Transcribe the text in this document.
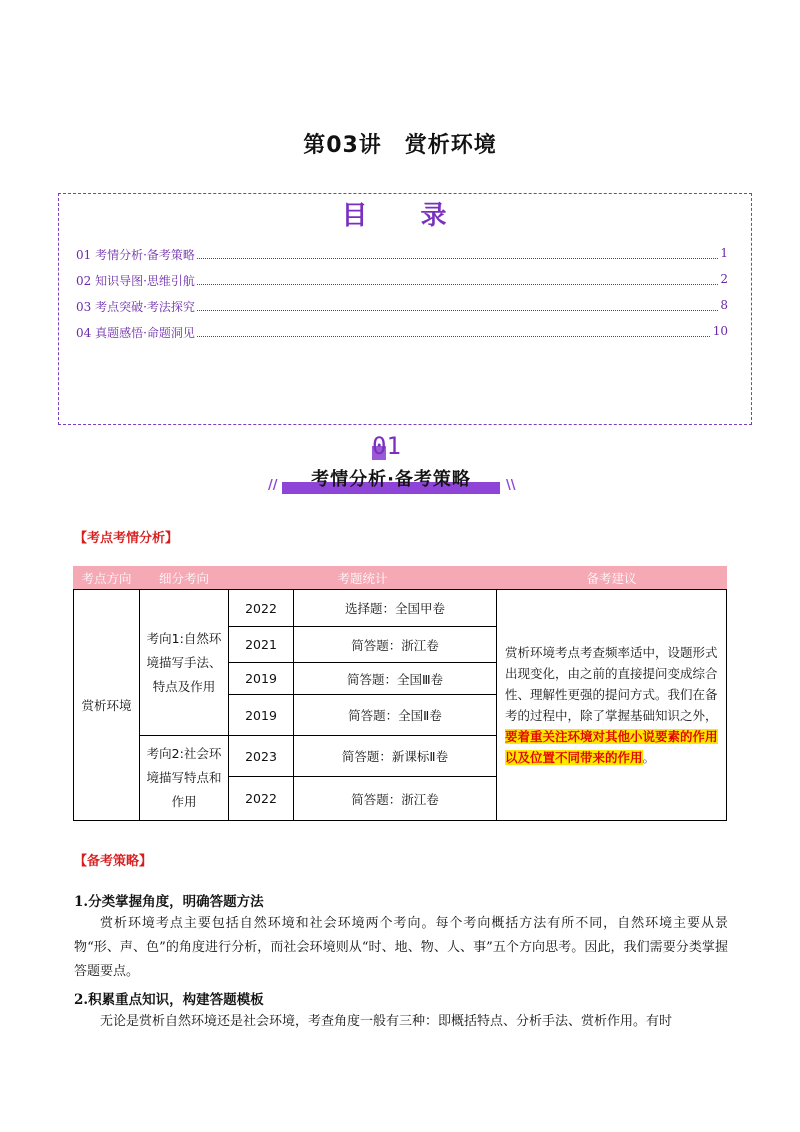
第03讲　赏析环境
目 录
01 考情分析·备考策略	1
02 知识导图·思维引航	2
03 考点突破·考法探究	8
04 真题感悟·命题洞见	10
01
考情分析·备考策略
//	\\
【考点考情分析】
考点方向	细分考向	考题统计		备考建议
赏析环境	考向1:自然环境描写手法、特点及作用	2022	选择题：全国甲卷	赏析环境考点考查频率适中，设题形式出现变化，由之前的直接提问变成综合性、理解性更强的提问方式。我们在备考的过程中，除了掌握基础知识之外，要着重关注环境对其他小说要素的作用以及位置不同带来的作用。
		2021	简答题：浙江卷	
		2019	简答题：全国Ⅲ卷	
		2019	简答题：全国Ⅱ卷	
	考向2:社会环境描写特点和作用	2023	简答题：新课标Ⅱ卷	
		2022	简答题：浙江卷	
【备考策略】
1.分类掌握角度，明确答题方法
赏析环境考点主要包括自然环境和社会环境两个考向。每个考向概括方法有所不同，自然环境主要从景物“形、声、色”的角度进行分析，而社会环境则从“时、地、物、人、事”五个方向思考。因此，我们需要分类掌握答题要点。
2.积累重点知识，构建答题模板
无论是赏析自然环境还是社会环境，考查角度一般有三种：即概括特点、分析手法、赏析作用。有时
